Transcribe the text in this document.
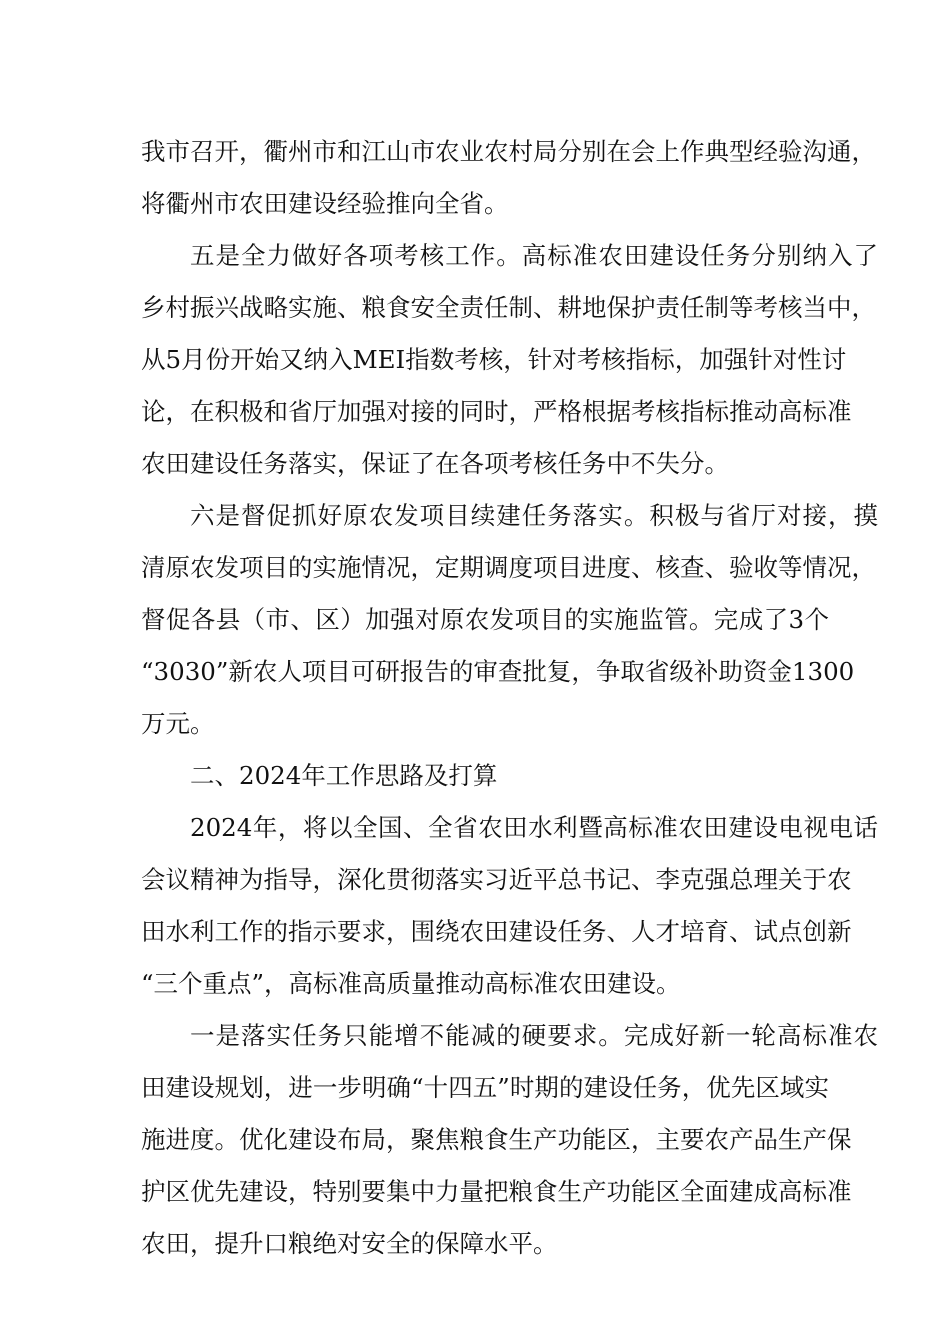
我市召开，衢州市和江山市农业农村局分别在会上作典型经验沟通，
将衢州市农田建设经验推向全省。
五是全力做好各项考核工作。高标准农田建设任务分别纳入了
乡村振兴战略实施、粮食安全责任制、耕地保护责任制等考核当中，
从5月份开始又纳入MEI指数考核，针对考核指标，加强针对性讨
论，在积极和省厅加强对接的同时，严格根据考核指标推动高标准
农田建设任务落实，保证了在各项考核任务中不失分。
六是督促抓好原农发项目续建任务落实。积极与省厅对接，摸
清原农发项目的实施情况，定期调度项目进度、核查、验收等情况，
督促各县（市、区）加强对原农发项目的实施监管。完成了3个
“3030”新农人项目可研报告的审查批复，争取省级补助资金1300
万元。
二、2024年工作思路及打算
2024年，将以全国、全省农田水利暨高标准农田建设电视电话
会议精神为指导，深化贯彻落实习近平总书记、李克强总理关于农
田水利工作的指示要求，围绕农田建设任务、人才培育、试点创新
“三个重点”，高标准高质量推动高标准农田建设。
一是落实任务只能增不能减的硬要求。完成好新一轮高标准农
田建设规划，进一步明确“十四五”时期的建设任务，优先区域实
施进度。优化建设布局，聚焦粮食生产功能区，主要农产品生产保
护区优先建设，特别要集中力量把粮食生产功能区全面建成高标准
农田，提升口粮绝对安全的保障水平。
